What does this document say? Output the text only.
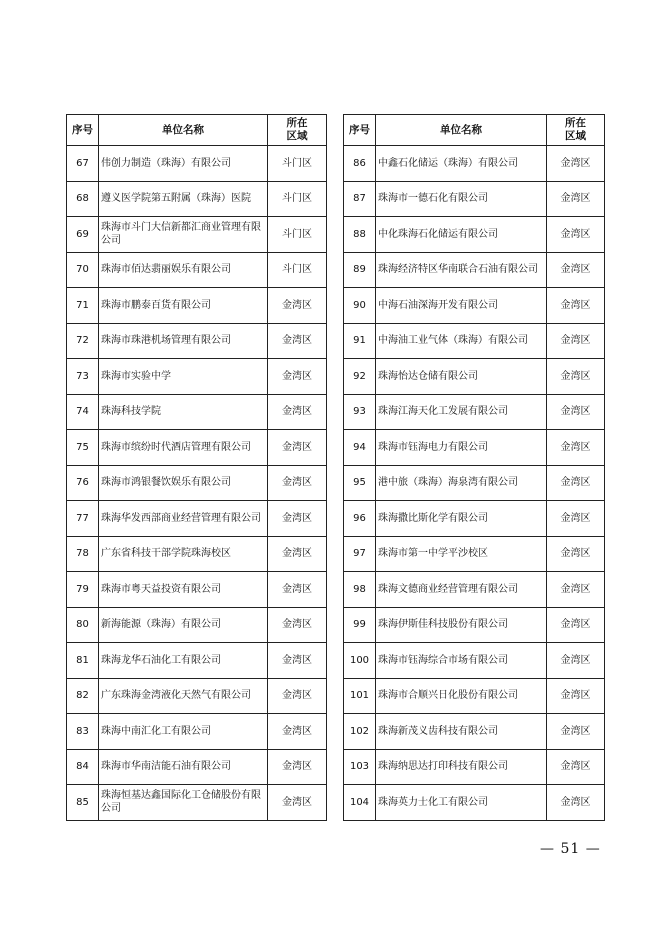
序号	单位名称	所在
区域

67	伟创力制造（珠海）有限公司	斗门区
68	遵义医学院第五附属（珠海）医院	斗门区
69	珠海市斗门大信新都汇商业管理有限公司	斗门区
70	珠海市佰达翡丽娱乐有限公司	斗门区
71	珠海市鹏泰百货有限公司	金湾区
72	珠海市珠港机场管理有限公司	金湾区
73	珠海市实验中学	金湾区
74	珠海科技学院	金湾区
75	珠海市缤纷时代酒店管理有限公司	金湾区
76	珠海市鸿银餐饮娱乐有限公司	金湾区
77	珠海华发西部商业经营管理有限公司	金湾区
78	广东省科技干部学院珠海校区	金湾区
79	珠海市粤天益投资有限公司	金湾区
80	新海能源（珠海）有限公司	金湾区
81	珠海龙华石油化工有限公司	金湾区
82	广东珠海金湾液化天然气有限公司	金湾区
83	珠海中南汇化工有限公司	金湾区
84	珠海市华南洁能石油有限公司	金湾区
85	珠海恒基达鑫国际化工仓储股份有限公司	金湾区
序号	单位名称	所在
区域

86	中鑫石化储运（珠海）有限公司	金湾区
87	珠海市一德石化有限公司	金湾区
88	中化珠海石化储运有限公司	金湾区
89	珠海经济特区华南联合石油有限公司	金湾区
90	中海石油深海开发有限公司	金湾区
91	中海油工业气体（珠海）有限公司	金湾区
92	珠海怡达仓储有限公司	金湾区
93	珠海江海天化工发展有限公司	金湾区
94	珠海市钰海电力有限公司	金湾区
95	港中旅（珠海）海泉湾有限公司	金湾区
96	珠海撒比斯化学有限公司	金湾区
97	珠海市第一中学平沙校区	金湾区
98	珠海文德商业经营管理有限公司	金湾区
99	珠海伊斯佳科技股份有限公司	金湾区
100	珠海市钰海综合市场有限公司	金湾区
101	珠海市合顺兴日化股份有限公司	金湾区
102	珠海新茂义齿科技有限公司	金湾区
103	珠海纳思达打印科技有限公司	金湾区
104	珠海英力士化工有限公司	金湾区
— 51 —
